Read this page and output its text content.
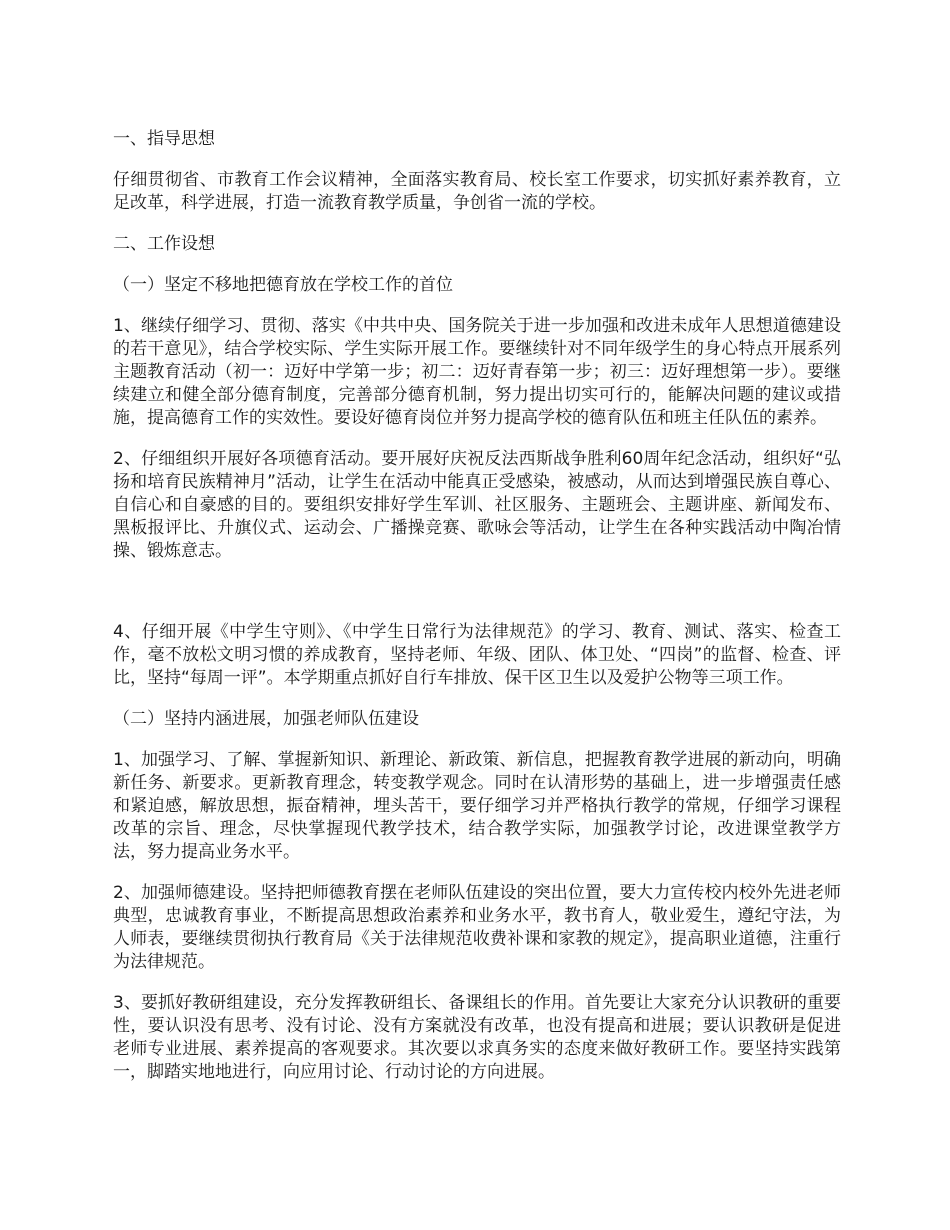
一、指导思想

仔细贯彻省、市教育工作会议精神，全面落实教育局、校长室工作要求，切实抓好素养教育，立足改革，科学进展，打造一流教育教学质量，争创省一流的学校。

二、工作设想
（一）坚定不移地把德育放在学校工作的首位

1、继续仔细学习、贯彻、落实《中共中央、国务院关于进一步加强和改进未成年人思想道德建设的若干意见》，结合学校实际、学生实际开展工作。要继续针对不同年级学生的身心特点开展系列主题教育活动（初一：迈好中学第一步；初二：迈好青春第一步；初三：迈好理想第一步）。要继续建立和健全部分德育制度，完善部分德育机制，努力提出切实可行的，能解决问题的建议或措施，提高德育工作的实效性。要设好德育岗位并努力提高学校的德育队伍和班主任队伍的素养。

2、仔细组织开展好各项德育活动。要开展好庆祝反法西斯战争胜利60周年纪念活动，组织好“弘扬和培育民族精神月”活动，让学生在活动中能真正受感染，被感动，从而达到增强民族自尊心、自信心和自豪感的目的。要组织安排好学生军训、社区服务、主题班会、主题讲座、新闻发布、黑板报评比、升旗仪式、运动会、广播操竞赛、歌咏会等活动，让学生在各种实践活动中陶冶情操、锻炼意志。

4、仔细开展《中学生守则》、《中学生日常行为法律规范》的学习、教育、测试、落实、检查工作，毫不放松文明习惯的养成教育，坚持老师、年级、团队、体卫处、“四岗”的监督、检查、评比，坚持“每周一评”。本学期重点抓好自行车排放、保干区卫生以及爱护公物等三项工作。

（二）坚持内涵进展，加强老师队伍建设

1、加强学习、了解、掌握新知识、新理论、新政策、新信息，把握教育教学进展的新动向，明确新任务、新要求。更新教育理念，转变教学观念。同时在认清形势的基础上，进一步增强责任感和紧迫感，解放思想，振奋精神，埋头苦干，要仔细学习并严格执行教学的常规，仔细学习课程改革的宗旨、理念，尽快掌握现代教学技术，结合教学实际，加强教学讨论，改进课堂教学方法，努力提高业务水平。

2、加强师德建设。坚持把师德教育摆在老师队伍建设的突出位置，要大力宣传校内校外先进老师典型，忠诚教育事业，不断提高思想政治素养和业务水平，教书育人，敬业爱生，遵纪守法，为人师表，要继续贯彻执行教育局《关于法律规范收费补课和家教的规定》，提高职业道德，注重行为法律规范。

3、要抓好教研组建设，充分发挥教研组长、备课组长的作用。首先要让大家充分认识教研的重要性，要认识没有思考、没有讨论、没有方案就没有改革，也没有提高和进展；要认识教研是促进老师专业进展、素养提高的客观要求。其次要以求真务实的态度来做好教研工作。要坚持实践第一，脚踏实地地进行，向应用讨论、行动讨论的方向进展。
